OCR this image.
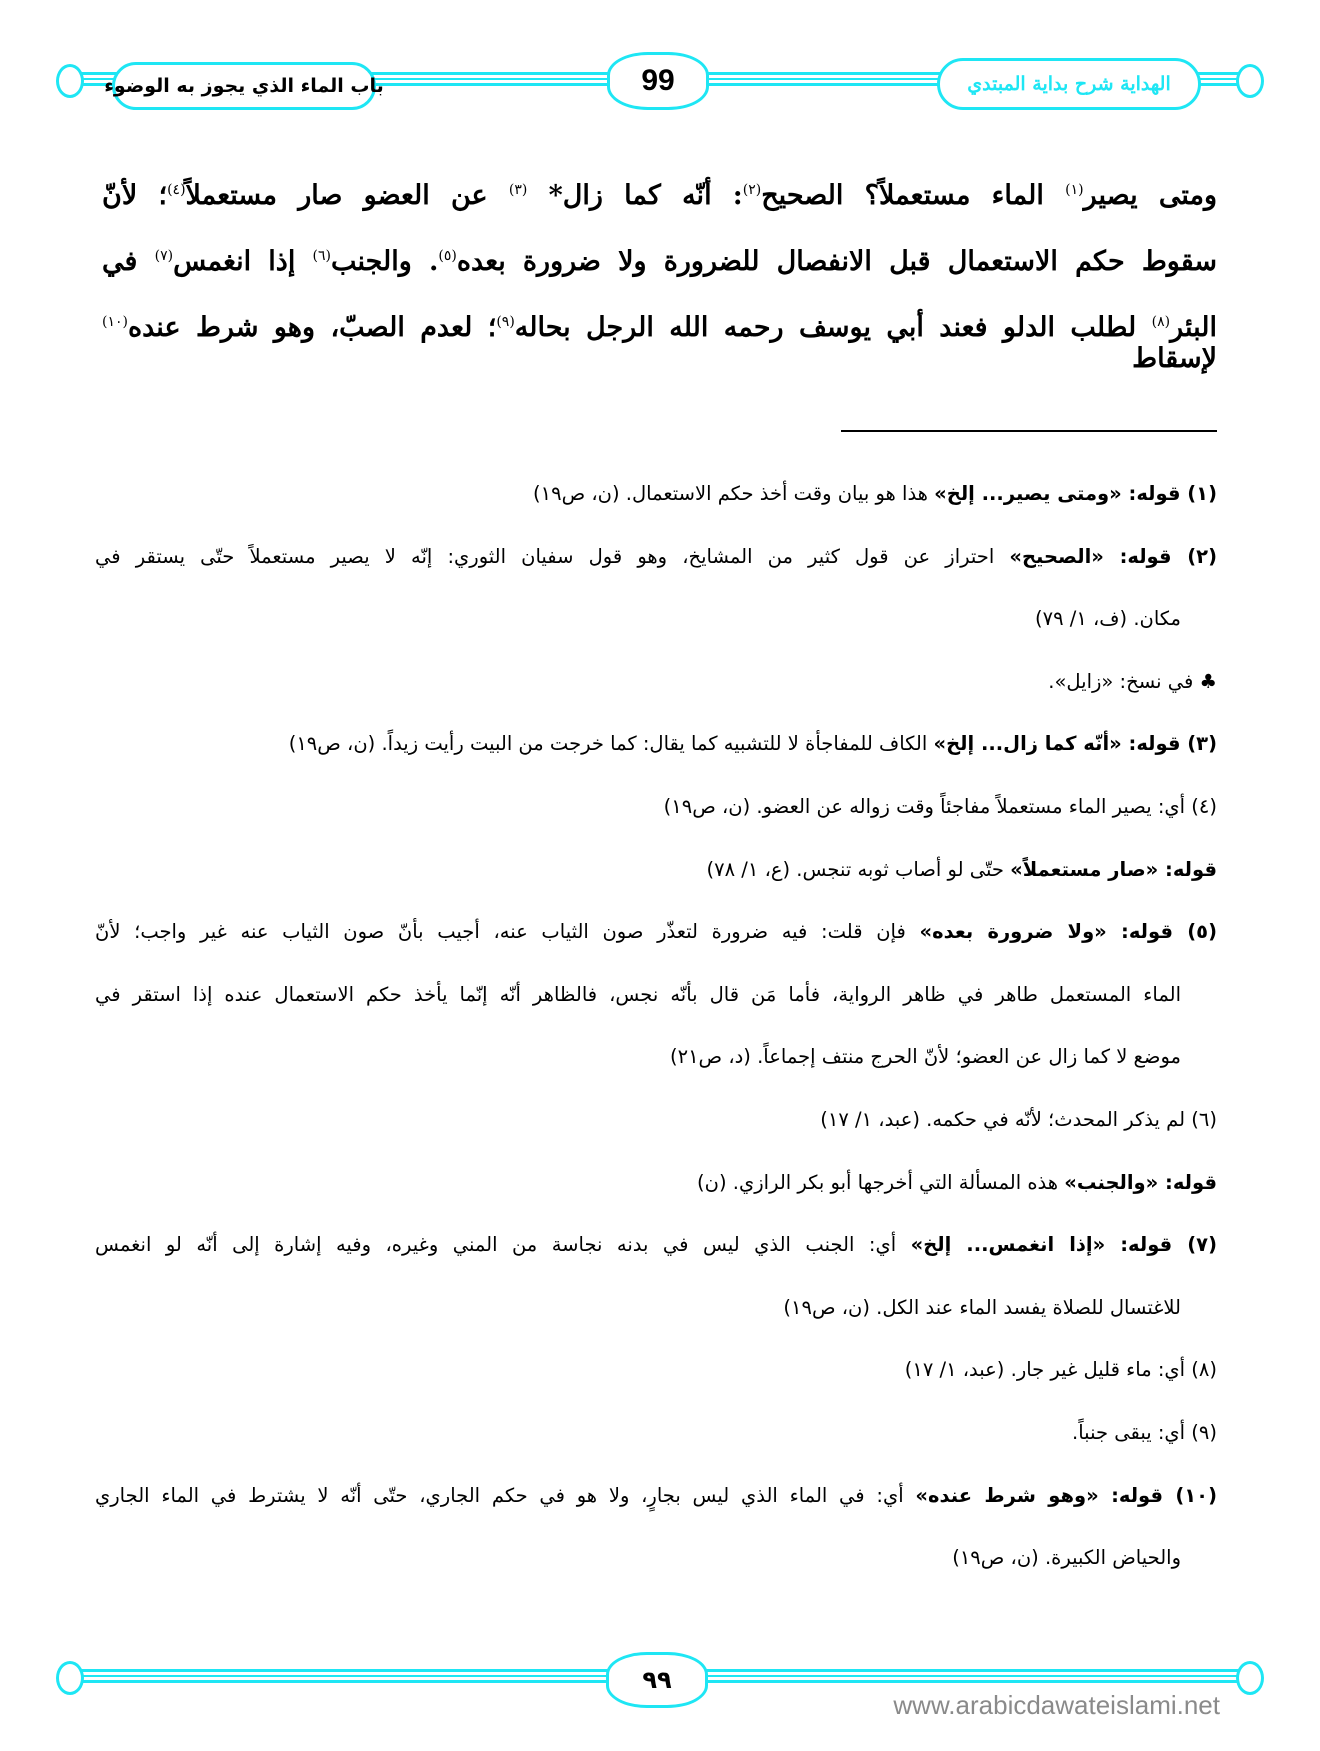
باب الماء الذي يجوز به الوضوء	99	الهداية شرح بداية المبتدي
ومتى يصير$^{(١)}$ الماء مستعملاً؟ الصحيح$^{(٢)}$: أنّه كما زال* $^{(٣)}$ عن العضو صار مستعملاً$^{(٤)}$؛ لأنّ
سقوط حكم الاستعمال قبل الانفصال للضرورة ولا ضرورة بعده$^{(٥)}$. والجنب$^{(٦)}$ إذا انغمس$^{(٧)}$ في
البئر$^{(٨)}$ لطلب الدلو فعند أبي يوسف رحمه الله الرجل بحاله$^{(٩)}$؛ لعدم الصبّ، وهو شرط عنده$^{(١٠)}$ لإسقاط
(١) قوله: «ومتى يصير... إلخ» هذا هو بيان وقت أخذ حكم الاستعمال. (ن، ص١٩)
(٢) قوله: «الصحيح» احتراز عن قول كثير من المشايخ، وهو قول سفيان الثوري: إنّه لا يصير مستعملاً حتّى يستقر في
مكان. (ف، ١/ ٧٩)
♣ في نسخ: «زايل».
(٣) قوله: «أنّه كما زال... إلخ» الكاف للمفاجأة لا للتشبيه كما يقال: كما خرجت من البيت رأيت زيداً. (ن، ص١٩)
(٤) أي: يصير الماء مستعملاً مفاجئاً وقت زواله عن العضو. (ن، ص١٩)
قوله: «صار مستعملاً» حتّى لو أصاب ثوبه تنجس. (ع، ١/ ٧٨)
(٥) قوله: «ولا ضرورة بعده» فإن قلت: فيه ضرورة لتعذّر صون الثياب عنه، أجيب بأنّ صون الثياب عنه غير واجب؛ لأنّ
الماء المستعمل طاهر في ظاهر الرواية، فأما مَن قال بأنّه نجس، فالظاهر أنّه إنّما يأخذ حكم الاستعمال عنده إذا استقر في
موضع لا كما زال عن العضو؛ لأنّ الحرج منتف إجماعاً. (د، ص٢١)
(٦) لم يذكر المحدث؛ لأنّه في حكمه. (عبد، ١/ ١٧)
قوله: «والجنب» هذه المسألة التي أخرجها أبو بكر الرازي. (ن)
(٧) قوله: «إذا انغمس... إلخ» أي: الجنب الذي ليس في بدنه نجاسة من المني وغيره، وفيه إشارة إلى أنّه لو انغمس
للاغتسال للصلاة يفسد الماء عند الكل. (ن، ص١٩)
(٨) أي: ماء قليل غير جار. (عبد، ١/ ١٧)
(٩) أي: يبقى جنباً.
(١٠) قوله: «وهو شرط عنده» أي: في الماء الذي ليس بجارٍ، ولا هو في حكم الجاري، حتّى أنّه لا يشترط في الماء الجاري
والحياض الكبيرة. (ن، ص١٩)
٩٩
www.arabicdawateislami.net
